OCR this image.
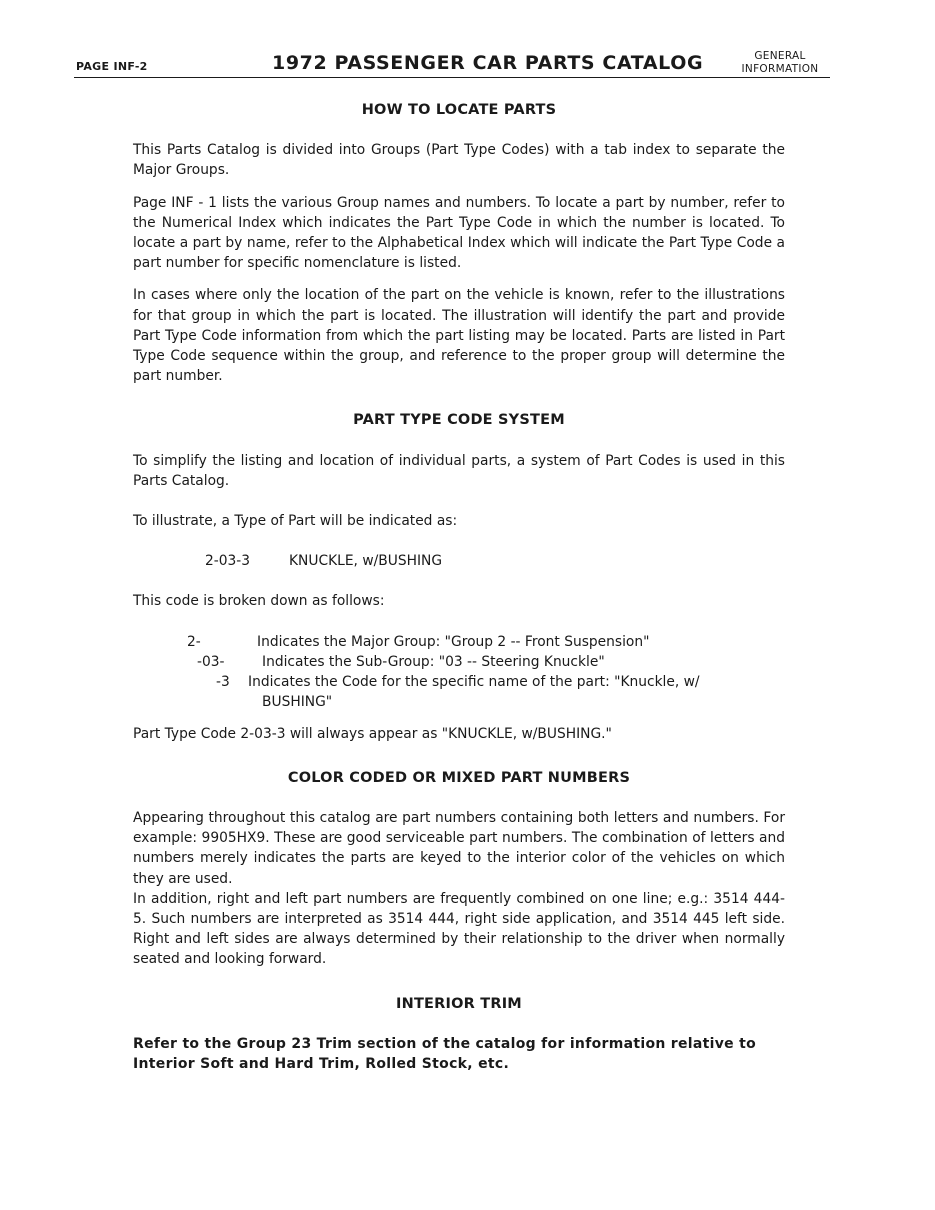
PAGE INF-2	1972 PASSENGER CAR PARTS CATALOG	GENERAL
INFORMATION
HOW TO LOCATE PARTS

This Parts Catalog is divided into Groups (Part Type Codes) with a tab index to separate the Major Groups.

Page INF - 1 lists the various Group names and numbers. To locate a part by number, refer to the Numerical Index which indicates the Part Type Code in which the number is located. To locate a part by name, refer to the Alphabetical Index which will indicate the Part Type Code a part number for specific nomenclature is listed.

In cases where only the location of the part on the vehicle is known, refer to the illustrations for that group in which the part is located. The illustration will identify the part and provide Part Type Code information from which the part listing may be located. Parts are listed in Part Type Code sequence within the group, and reference to the proper group will determine the part number.

PART TYPE CODE SYSTEM

To simplify the listing and location of individual parts, a system of Part Codes is used in this Parts Catalog.

To illustrate, a Type of Part will be indicated as:

2-03-3	KNUCKLE, w/BUSHING

This code is broken down as follows:

2-	Indicates the Major Group: "Group 2 -- Front Suspension"
-03-	Indicates the Sub-Group: "03 -- Steering Knuckle"
-3 Indicates the Code for the specific name of the part: "Knuckle, w/
BUSHING"

Part Type Code 2-03-3 will always appear as "KNUCKLE, w/BUSHING."

COLOR CODED OR MIXED PART NUMBERS

Appearing throughout this catalog are part numbers containing both letters and numbers. For example: 9905HX9. These are good serviceable part numbers. The combination of letters and numbers merely indicates the parts are keyed to the interior color of the vehicles on which they are used.

In addition, right and left part numbers are frequently combined on one line; e.g.: 3514 444-5. Such numbers are interpreted as 3514 444, right side application, and 3514 445 left side. Right and left sides are always determined by their relationship to the driver when normally seated and looking forward.

INTERIOR TRIM

Refer to the Group 23 Trim section of the catalog for information relative to Interior Soft and Hard Trim, Rolled Stock, etc.
